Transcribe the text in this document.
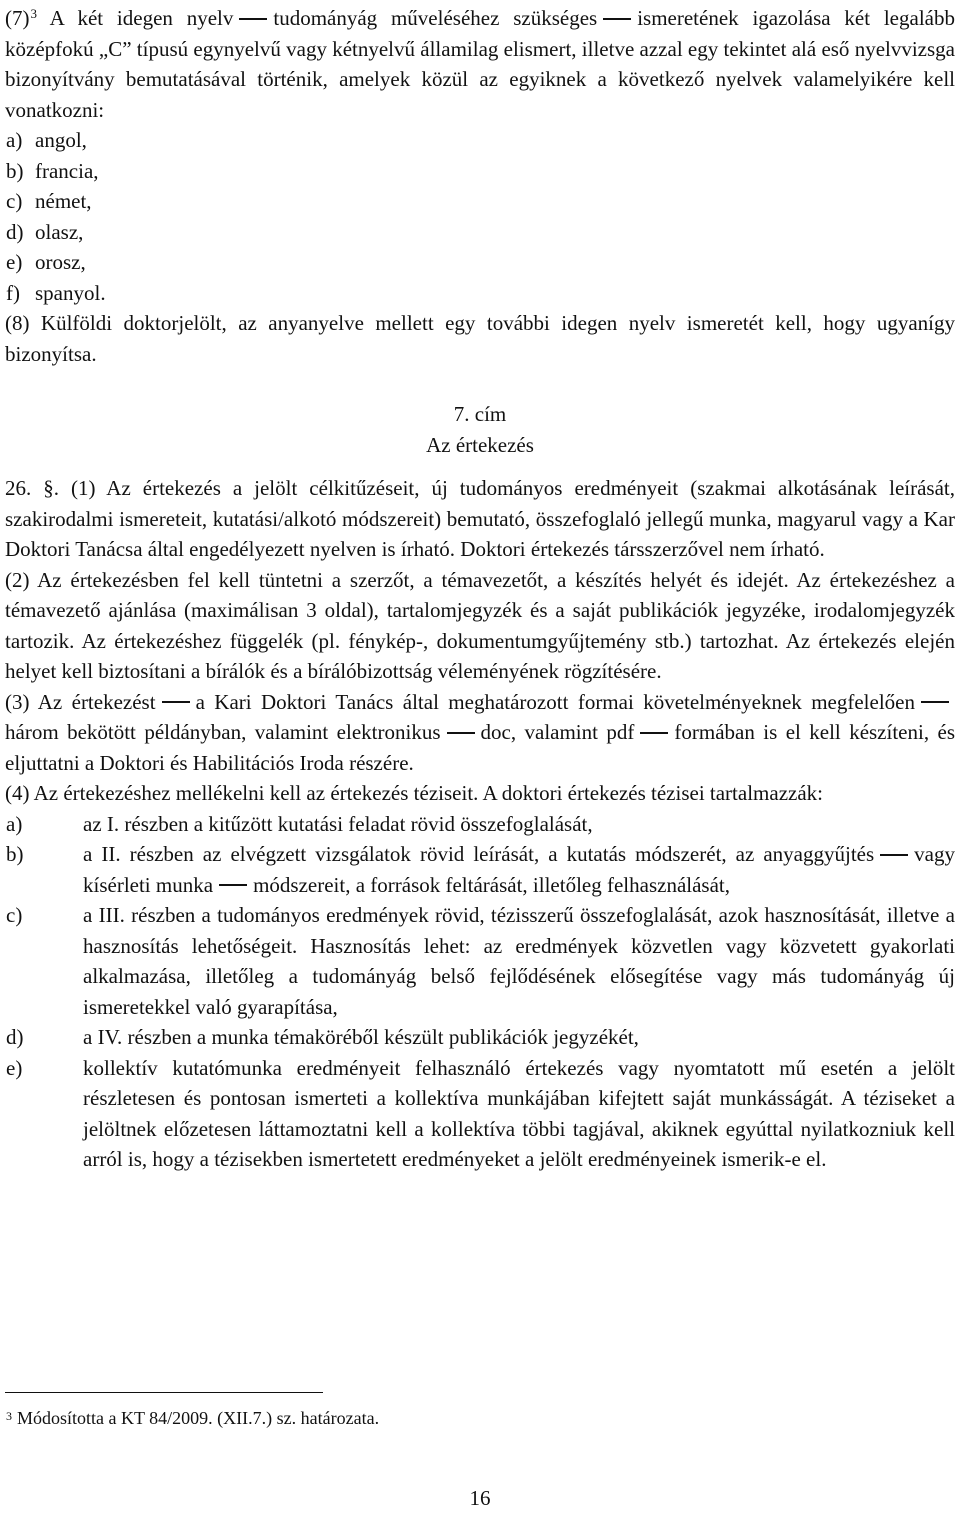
(7)$^3$ A két idegen nyelv tudományág műveléséhez szükséges ismeretének igazolása két legalább középfokú „C” típusú egynyelvű vagy kétnyelvű államilag elismert, illetve azzal egy tekintet alá eső nyelvvizsga bizonyítvány bemutatásával történik, amelyek közül az egyiknek a következő nyelvek valamelyikére kell vonatkozni:

a) angol,
b) francia,
c) német,
d) olasz,
e) orosz,
f) spanyol.

(8) Külföldi doktorjelölt, az anyanyelve mellett egy további idegen nyelv ismeretét kell, hogy ugyanígy bizonyítsa.

7. cím
Az értekezés

26. §. (1) Az értekezés a jelölt célkitűzéseit, új tudományos eredményeit (szakmai alkotásának leírását, szakirodalmi ismereteit, kutatási/alkotó módszereit) bemutató, összefoglaló jellegű munka, magyarul vagy a Kar Doktori Tanácsa által engedélyezett nyelven is írható. Doktori értekezés társszerzővel nem írható.

(2) Az értekezésben fel kell tüntetni a szerzőt, a témavezetőt, a készítés helyét és idejét. Az értekezéshez a témavezető ajánlása (maximálisan 3 oldal), tartalomjegyzék és a saját publikációk jegyzéke, irodalomjegyzék tartozik. Az értekezéshez függelék (pl. fénykép-, dokumentumgyűjtemény stb.) tartozhat. Az értekezés elején helyet kell biztosítani a bírálók és a bírálóbizottság véleményének rögzítésére.

(3) Az értekezést a Kari Doktori Tanács által meghatározott formai követelményeknek megfelelőenhárom bekötött példányban, valamint elektronikus doc, valamint pdf formában is el kell készíteni, és eljuttatni a Doktori és Habilitációs Iroda részére.

(4) Az értekezéshez mellékelni kell az értekezés téziseit. A doktori értekezés tézisei tartalmazzák:

a)	az I. részben a kitűzött kutatási feladat rövid összefoglalását,
b)	a II. részben az elvégzett vizsgálatok rövid leírását, a kutatás módszerét, az anyaggyűjtés vagy kísérleti munka módszereit, a források feltárását, illetőleg felhasználását,
c)	a III. részben a tudományos eredmények rövid, tézisszerű összefoglalását, azok hasznosítását, illetve a hasznosítás lehetőségeit. Hasznosítás lehet: az eredmények közvetlen vagy közvetett gyakorlati alkalmazása, illetőleg a tudományág belső fejlődésének elősegítése vagy más tudományág új ismeretekkel való gyarapítása,
d)	a IV. részben a munka témaköréből készült publikációk jegyzékét,
e)	kollektív kutatómunka eredményeit felhasználó értekezés vagy nyomtatott mű esetén a jelölt részletesen és pontosan ismerteti a kollektíva munkájában kifejtett saját munkásságát. A téziseket a jelöltnek előzetesen láttamoztatni kell a kollektíva többi tagjával, akiknek egyúttal nyilatkozniuk kell arról is, hogy a tézisekben ismertetett eredményeket a jelölt eredményeinek ismerik-e el.
$^3$ Módosította a KT 84/2009. (XII.7.) sz. határozata.
16
